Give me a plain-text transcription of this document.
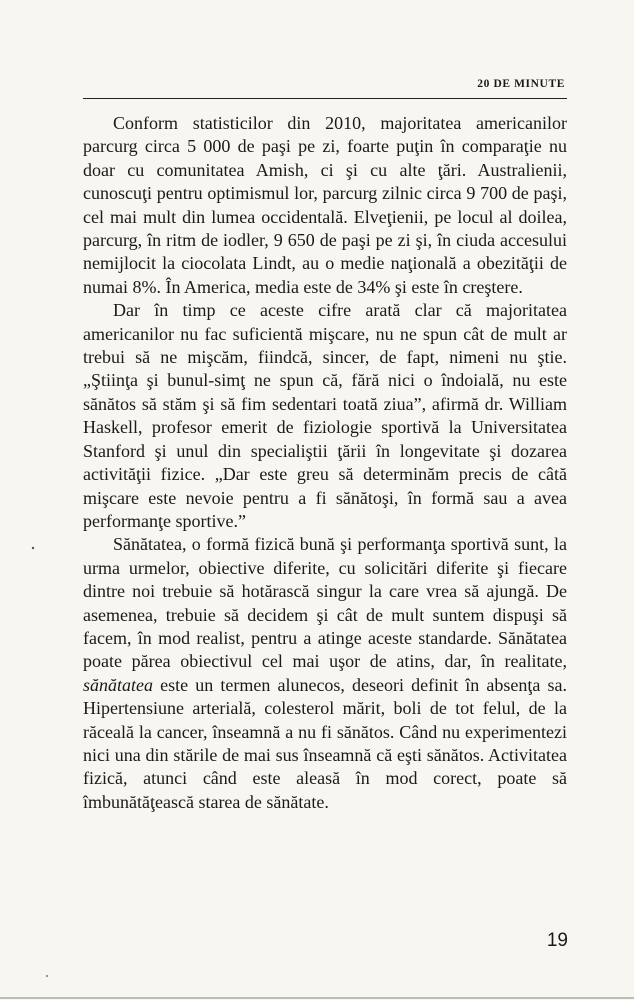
20 DE MINUTE

Conform statisticilor din 2010, majoritatea americanilor parcurg circa 5 000 de paşi pe zi, foarte puţin în comparaţie nu doar cu comunitatea Amish, ci şi cu alte ţări. Australienii, cunoscuţi pentru optimismul lor, parcurg zilnic circa 9 700 de paşi, cel mai mult din lumea occidentală. Elveţienii, pe locul al doilea, parcurg, în ritm de iodler, 9 650 de paşi pe zi şi, în ciuda accesului nemijlocit la ciocolata Lindt, au o medie naţională a obezităţii de numai 8%. În America, media este de 34% şi este în creştere.

Dar în timp ce aceste cifre arată clar că majoritatea americanilor nu fac suficientă mişcare, nu ne spun cât de mult ar trebui să ne mişcăm, fiindcă, sincer, de fapt, nimeni nu ştie. „Ştiinţa şi bunul-simţ ne spun că, fără nici o îndoială, nu este sănătos să stăm şi să fim sedentari toată ziua”, afirmă dr. William Haskell, profesor emerit de fiziologie sportivă la Universitatea Stanford şi unul din specialiştii ţării în longevitate şi dozarea activităţii fizice. „Dar este greu să determinăm precis de câtă mişcare este nevoie pentru a fi sănătoşi, în formă sau a avea performanţe sportive.”

Sănătatea, o formă fizică bună şi performanţa sportivă sunt, la urma urmelor, obiective diferite, cu solicitări diferite şi fiecare dintre noi trebuie să hotărască singur la care vrea să ajungă. De asemenea, trebuie să decidem şi cât de mult suntem dispuşi să facem, în mod realist, pentru a atinge aceste standarde. Sănătatea poate părea obiectivul cel mai uşor de atins, dar, în realitate, sănătatea este un termen alunecos, deseori definit în absenţa sa. Hipertensiune arterială, colesterol mărit, boli de tot felul, de la răceală la cancer, înseamnă a nu fi sănătos. Când nu experimentezi nici una din stările de mai sus înseamnă că eşti sănătos. Activitatea fizică, atunci când este aleasă în mod corect, poate să îmbunătăţească starea de sănătate.

19
